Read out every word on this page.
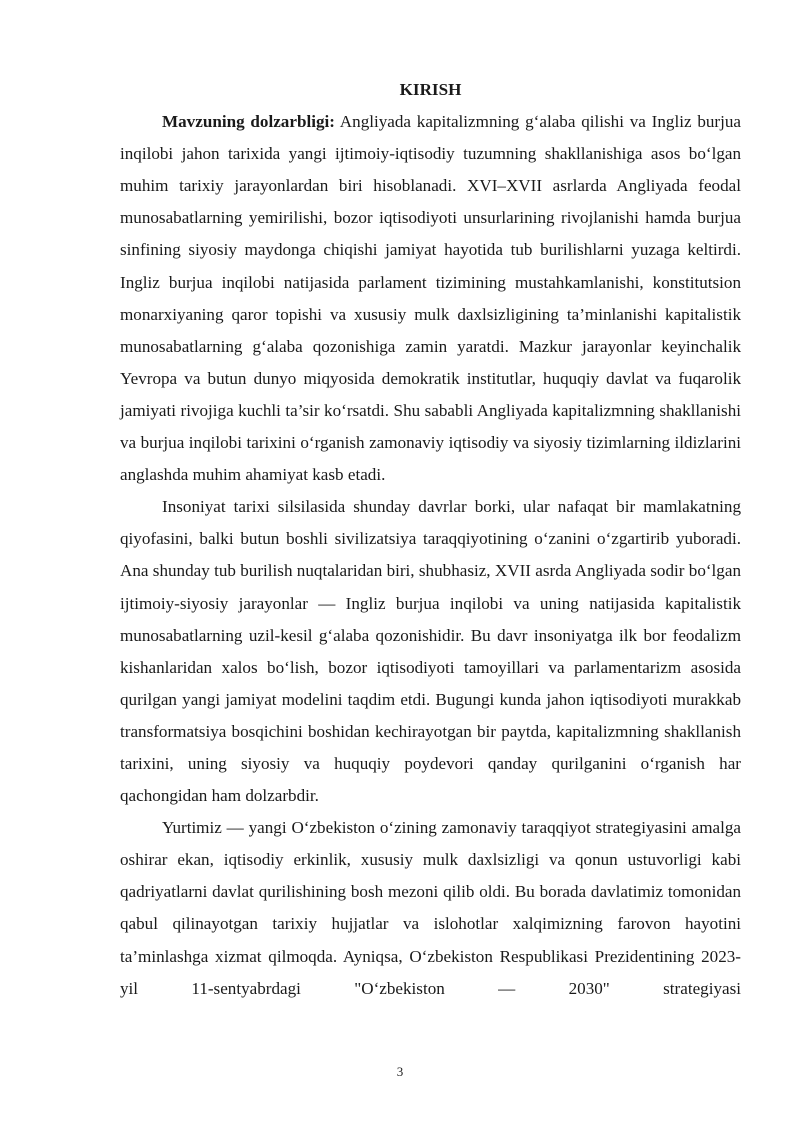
KIRISH

Mavzuning dolzarbligi: Angliyada kapitalizmning g‘alaba qilishi va Ingliz burjua inqilobi jahon tarixida yangi ijtimoiy-iqtisodiy tuzumning shakllanishiga asos bo‘lgan muhim tarixiy jarayonlardan biri hisoblanadi. XVI–XVII asrlarda Angliyada feodal munosabatlarning yemirilishi, bozor iqtisodiyoti unsurlarining rivojlanishi hamda burjua sinfining siyosiy maydonga chiqishi jamiyat hayotida tub burilishlarni yuzaga keltirdi. Ingliz burjua inqilobi natijasida parlament tizimining mustahkamlanishi, konstitutsion monarxiyaning qaror topishi va xususiy mulk daxlsizligining ta’minlanishi kapitalistik munosabatlarning g‘alaba qozonishiga zamin yaratdi. Mazkur jarayonlar keyinchalik Yevropa va butun dunyo miqyosida demokratik institutlar, huquqiy davlat va fuqarolik jamiyati rivojiga kuchli ta’sir ko‘rsatdi. Shu sababli Angliyada kapitalizmning shakllanishi va burjua inqilobi tarixini o‘rganish zamonaviy iqtisodiy va siyosiy tizimlarning ildizlarini anglashda muhim ahamiyat kasb etadi.

Insoniyat tarixi silsilasida shunday davrlar borki, ular nafaqat bir mamlakatning qiyofasini, balki butun boshli sivilizatsiya taraqqiyotining o‘zanini o‘zgartirib yuboradi. Ana shunday tub burilish nuqtalaridan biri, shubhasiz, XVII asrda Angliyada sodir bo‘lgan ijtimoiy-siyosiy jarayonlar — Ingliz burjua inqilobi va uning natijasida kapitalistik munosabatlarning uzil-kesil g‘alaba qozonishidir. Bu davr insoniyatga ilk bor feodalizm kishanlaridan xalos bo‘lish, bozor iqtisodiyoti tamoyillari va parlamentarizm asosida qurilgan yangi jamiyat modelini taqdim etdi. Bugungi kunda jahon iqtisodiyoti murakkab transformatsiya bosqichini boshidan kechirayotgan bir paytda, kapitalizmning shakllanish tarixini, uning siyosiy va huquqiy poydevori qanday qurilganini o‘rganish har qachongidan ham dolzarbdir.

Yurtimiz — yangi O‘zbekiston o‘zining zamonaviy taraqqiyot strategiyasini amalga oshirar ekan, iqtisodiy erkinlik, xususiy mulk daxlsizligi va qonun ustuvorligi kabi qadriyatlarni davlat qurilishining bosh mezoni qilib oldi. Bu borada davlatimiz tomonidan qabul qilinayotgan tarixiy hujjatlar va islohotlar xalqimizning farovon hayotini ta’minlashga xizmat qilmoqda. Ayniqsa, O‘zbekiston Respublikasi Prezidentining 2023-yil 11-sentyabrdagi "O‘zbekiston — 2030" strategiyasi

3
